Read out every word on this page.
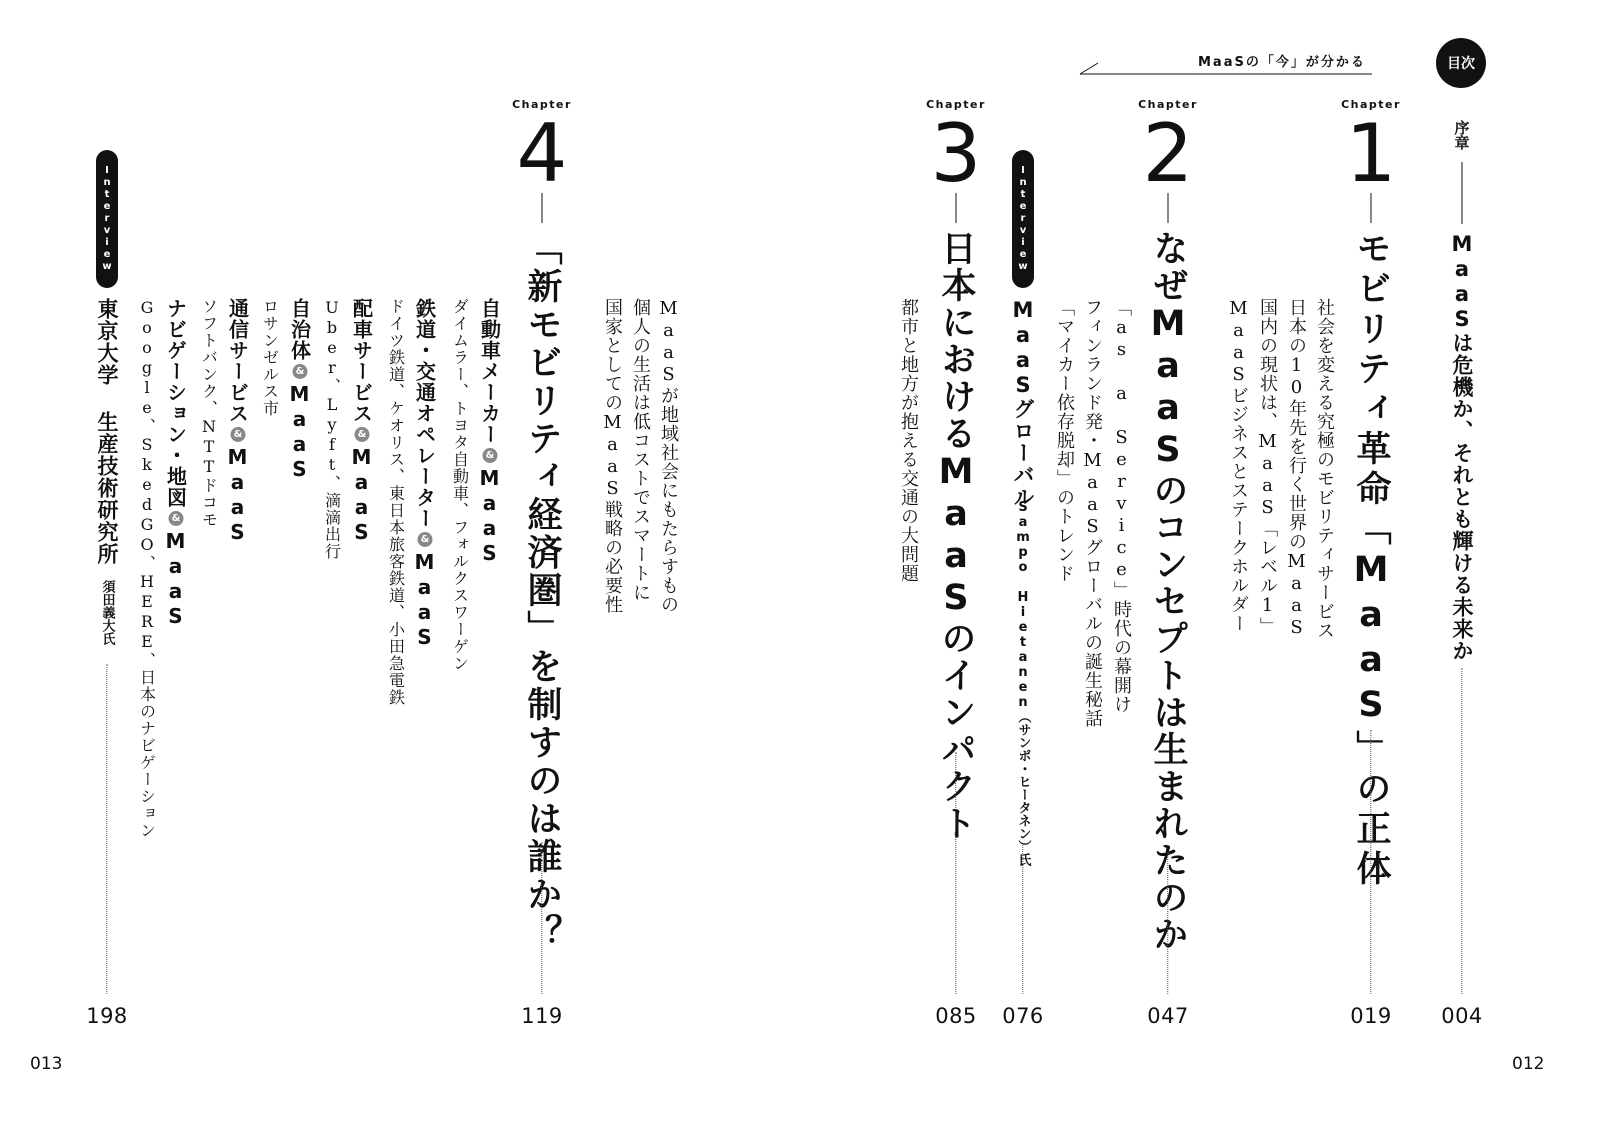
MaaSの「今」が分かる	目次
序章
MaaSは危機か、それとも輝ける未来か
004
Chapter
1
モビリティ革命「MaaS」の正体
019
社会を変える究極のモビリティサービス
日本の10年先を行く世界のMaaS
国内の現状は、MaaS「レベル1」
MaaSビジネスとステークホルダー
Chapter
2
なぜMaaSのコンセプトは生まれたのか
047
「as a Service」時代の幕開け
フィンランド発・MaaSグローバルの誕生秘話
「マイカー依存脱却」のトレンド
Interview
MaaSグローバル
Sampo Hietanen（サンポ・ヒータネン）氏
076
Chapter
3
日本におけるMaaSのインパクト
085
都市と地方が抱える交通の大問題
Chapter
4
「新モビリティ経済圏」を制すのは誰か？
119
MaaSが地域社会にもたらすもの
個人の生活は低コストでスマートに
国家としてのMaaS戦略の必要性
自動車メーカー&MaaS
ダイムラー、トヨタ自動車、フォルクスワーゲン
鉄道・交通オペレーター&MaaS
ドイツ鉄道、ケオリス、東日本旅客鉄道、小田急電鉄
配車サービス&MaaS
Uber、Lyft、滴滴出行
自治体&MaaS
ロサンゼルス市
通信サービス&MaaS
ソフトバンク、NTTドコモ
ナビゲーション・地図&MaaS
Google、SkedGO、HERE、日本のナビゲーション
Interview
東京大学 生産技術研究所
須田義大氏
198
012
013
